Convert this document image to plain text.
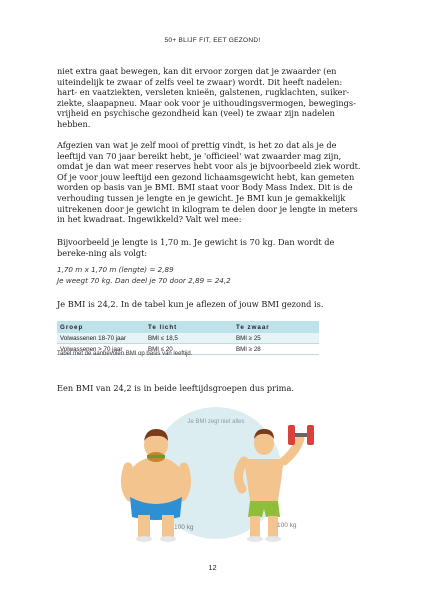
50+ BLIJF FIT, EET GEZOND!

niet extra gaat bewegen, kan dit ervoor zorgen dat je zwaarder (en uiteindelijk te zwaar of zelfs veel te zwaar) wordt. Dit heeft nadelen: hart- en vaatziekten, versleten knieën, galstenen, rugklachten, suiker-ziekte, slaapapneu. Maar ook voor je uithoudingsvermogen, bewegings-vrijheid en psychische gezondheid kan (veel) te zwaar zijn nadelen hebben.

Afgezien van wat je zelf mooi of prettig vindt, is het zo dat als je de leeftijd van 70 jaar bereikt hebt, je 'officieel' wat zwaarder mag zijn, omdat je dan wat meer reserves hebt voor als je bijvoorbeeld ziek wordt. Of je voor jouw leeftijd een gezond lichaamsgewicht hebt, kan gemeten worden op basis van je BMI. BMI staat voor Body Mass Index. Dit is de verhouding tussen je lengte en je gewicht. Je BMI kun je gemakkelijk uitrekenen door je gewicht in kilogram te delen door je lengte in meters in het kwadraat. Ingewikkeld? Valt wel mee:

Bijvoorbeeld je lengte is 1,70 m. Je gewicht is 70 kg. Dan wordt de bereke-ning als volgt:

1,70 m x 1,70 m (lengte) = 2,89
Je weegt 70 kg. Dan deel je 70 door 2,89 = 24,2

Je BMI is 24,2. In de tabel kun je aflezen of jouw BMI gezond is.

Groep	Te licht	Te zwaar
Volwassenen 18-70 jaar	BMI ≤ 18,5	BMI ≥ 25
Volwassenen > 70 jaar	BMI ≤ 20	BMI ≥ 28
Tabel met de aanbevolen BMI op basis van leeftijd.

Een BMI van 24,2 is in beide leeftijdsgroepen dus prima.

Je BMI zegt niet alles
100 kg	100 kg
12
